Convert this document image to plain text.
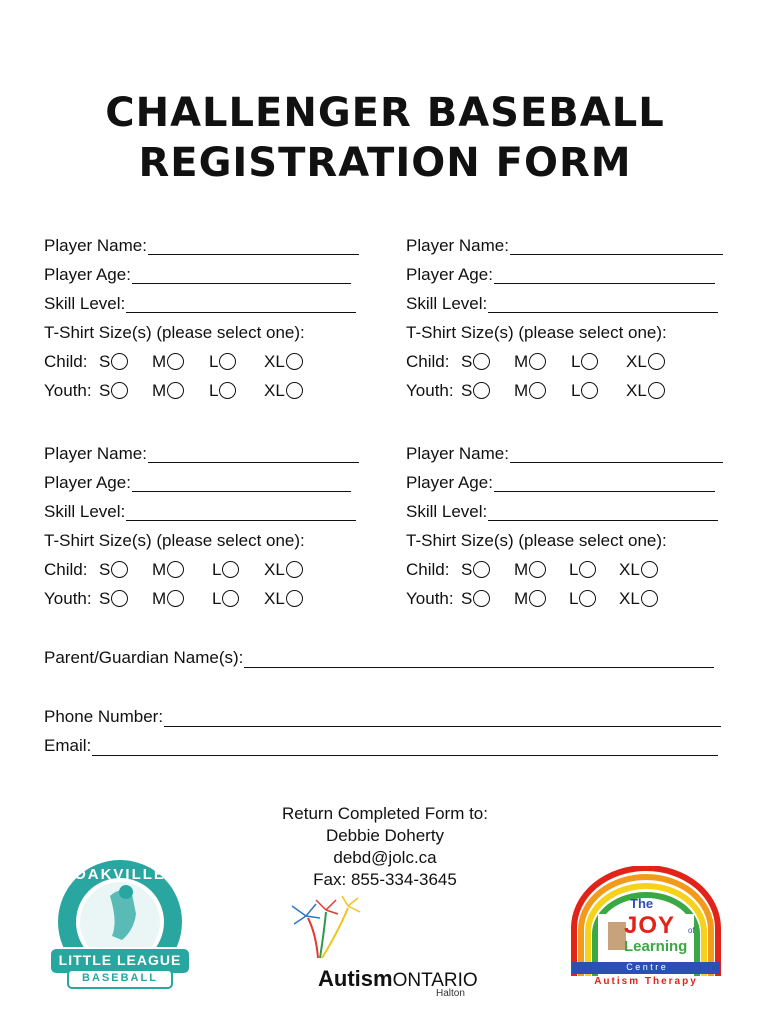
CHALLENGER BASEBALL
REGISTRATION FORM
Player Name:
Player Age:
Skill Level:
T-Shirt Size(s) (please select one):
Child: S M	L	XL
Youth: S M	L	XL
Player Name:
Player Age:
Skill Level:
T-Shirt Size(s) (please select one):
Child: S M	L	XL
Youth: S M	L	XL
Player Name:
Player Age:
Skill Level:
T-Shirt Size(s) (please select one):
Child: S M	L	XL
Youth: S M	L	XL
Player Name:
Player Age:
Skill Level:
T-Shirt Size(s) (please select one):
Child: S M L XL
Youth: S M L XL
Parent/Guardian Name(s):
Phone Number:
Email:
Return Completed Form to:
Debbie Doherty
debd@jolc.ca
Fax: 855-334-3645
OAKVILLE
LITTLE LEAGUE
BASEBALL	AutismONTARIO
Halton
The
JOY of
Learning
C e n t r e
Autism Therapy
